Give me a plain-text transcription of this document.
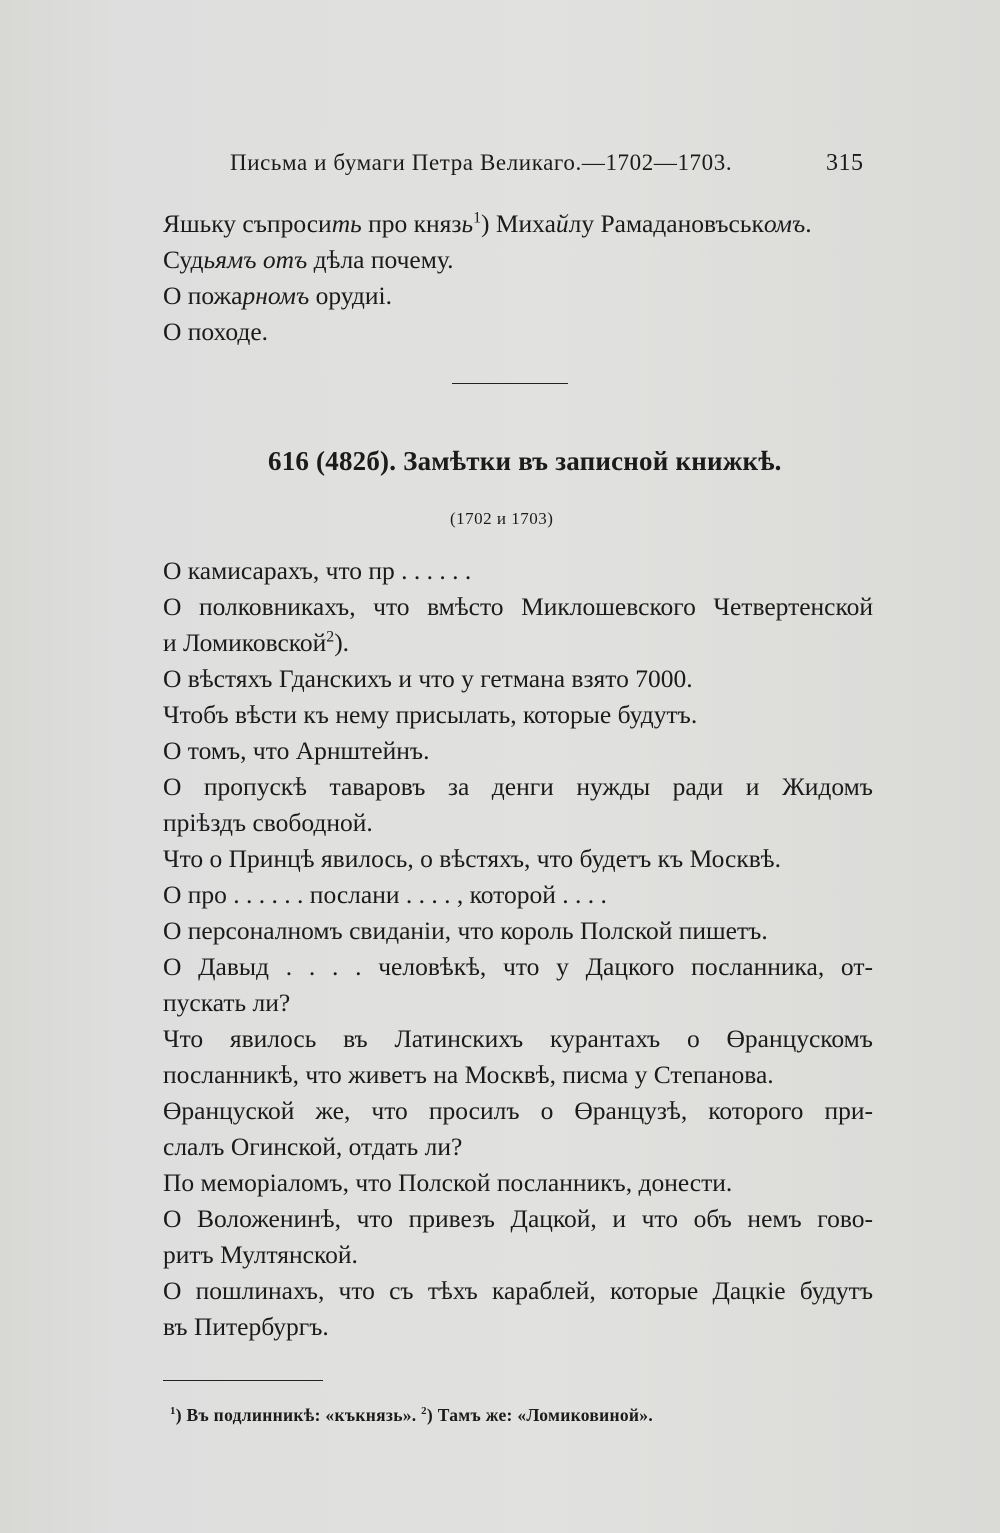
Письма и бумаги Петра Великаго.—1702—1703.	315
Яшьку съпросить про князь$^1$) Михайлу Рамадановъськомъ.
Судьямъ отъ дѣла почему.
О пожарномъ орудиі.
О походе.
616 (482б). Замѣтки въ записной книжкѣ.
(1702 и 1703)
О камисарахъ, что пр . . . . . .
О полковникахъ, что вмѣсто Миклошевского Четвертенской
и Ломиковской$^2$).
О вѣстяхъ Гданскихъ и что у гетмана взято 7000.
Чтобъ вѣсти къ нему присылать, которые будутъ.
О томъ, что Арнштейнъ.
О пропускѣ таваровъ за денги нужды ради и Жидомъ
пріѣздъ свободной.
Что о Принцѣ явилось, о вѣстяхъ, что будетъ къ Москвѣ.
О про . . . . . . послани . . . . , которой . . . .
О персоналномъ свиданіи, что король Полской пишетъ.
О Давыд . . . . человѣкѣ, что у Дацкого посланника, от-
пускать ли?
Что явилось въ Латинскихъ курантахъ о Өранцускомъ
посланникѣ, что живетъ на Москвѣ, писма у Степанова.
Өранцуской же, что просилъ о Өранцузѣ, которого при-
слалъ Огинской, отдать ли?
По меморіаломъ, что Полской посланникъ, донести.
О Воложенинѣ, что привезъ Дацкой, и что объ немъ гово-
ритъ Мултянской.
О пошлинахъ, что съ тѣхъ караблей, которые Дацкіе будутъ
въ Питербургъ.
$^1$) Въ подлинникѣ: «къкнязь». $^2$) Тамъ же: «Ломиковиной».
